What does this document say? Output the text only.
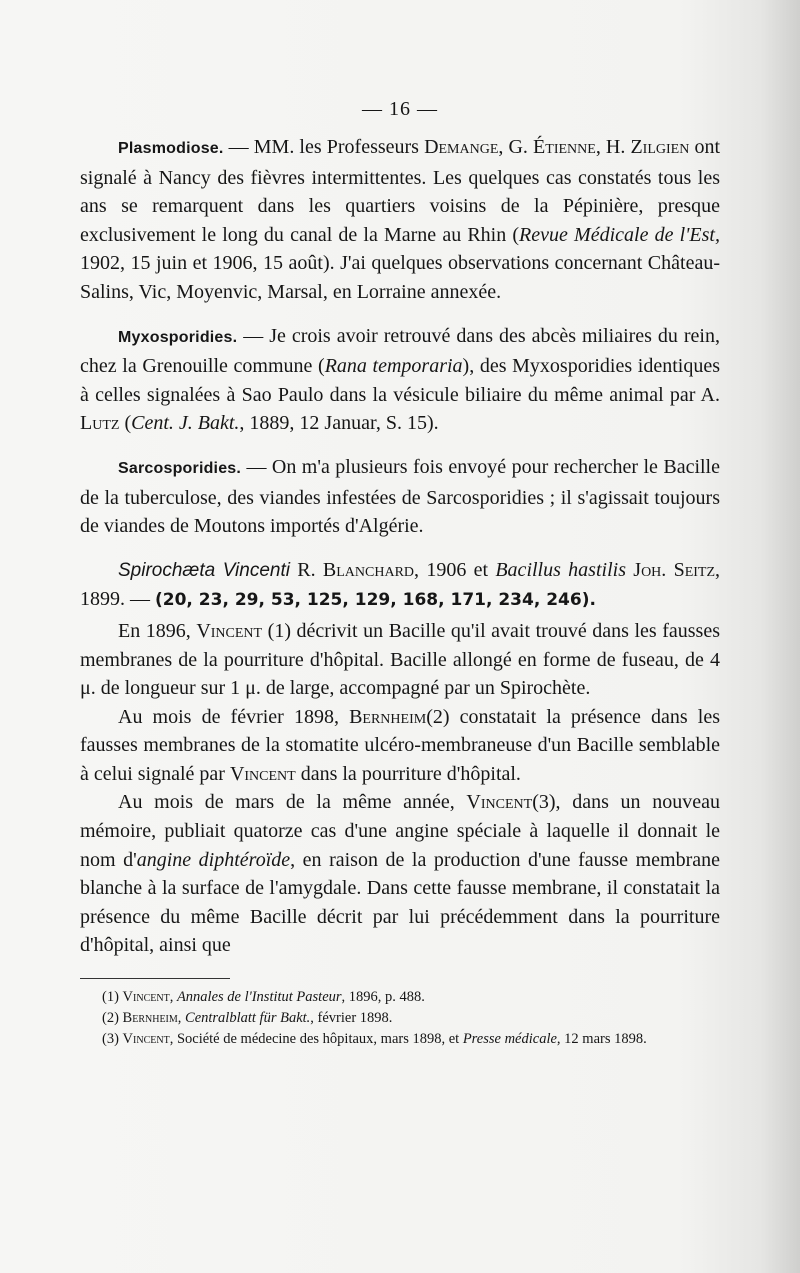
— 16 —

Plasmodiose. — MM. les Professeurs Demange, G. Étienne, H. Zilgien ont signalé à Nancy des fièvres intermittentes. Les quelques cas constatés tous les ans se remarquent dans les quartiers voisins de la Pépinière, presque exclusivement le long du canal de la Marne au Rhin (Revue Médicale de l'Est, 1902, 15 juin et 1906, 15 août). J'ai quelques observations concernant Château-Salins, Vic, Moyenvic, Marsal, en Lorraine annexée.

Myxosporidies. — Je crois avoir retrouvé dans des abcès miliaires du rein, chez la Grenouille commune (Rana temporaria), des Myxosporidies identiques à celles signalées à Sao Paulo dans la vésicule biliaire du même animal par A. Lutz (Cent. J. Bakt., 1889, 12 Januar, S. 15).

Sarcosporidies. — On m'a plusieurs fois envoyé pour rechercher le Bacille de la tuberculose, des viandes infestées de Sarcosporidies ; il s'agissait toujours de viandes de Moutons importés d'Algérie.

Spirochæta Vincenti R. Blanchard, 1906 et Bacillus hastilis Joh. Seitz, 1899. — (20, 23, 29, 53, 125, 129, 168, 171, 234, 246).

En 1896, Vincent (1) décrivit un Bacille qu'il avait trouvé dans les fausses membranes de la pourriture d'hôpital. Bacille allongé en forme de fuseau, de 4 μ. de longueur sur 1 μ. de large, accompagné par un Spirochète.

Au mois de février 1898, Bernheim(2) constatait la présence dans les fausses membranes de la stomatite ulcéro-membraneuse d'un Bacille semblable à celui signalé par Vincent dans la pourriture d'hôpital.

Au mois de mars de la même année, Vincent(3), dans un nouveau mémoire, publiait quatorze cas d'une angine spéciale à laquelle il donnait le nom d'angine diphtéroïde, en raison de la production d'une fausse membrane blanche à la surface de l'amygdale. Dans cette fausse membrane, il constatait la présence du même Bacille décrit par lui précédemment dans la pourriture d'hôpital, ainsi que

(1) Vincent, Annales de l'Institut Pasteur, 1896, p. 488.

(2) Bernheim, Centralblatt für Bakt., février 1898.

(3) Vincent, Société de médecine des hôpitaux, mars 1898, et Presse médicale, 12 mars 1898.
